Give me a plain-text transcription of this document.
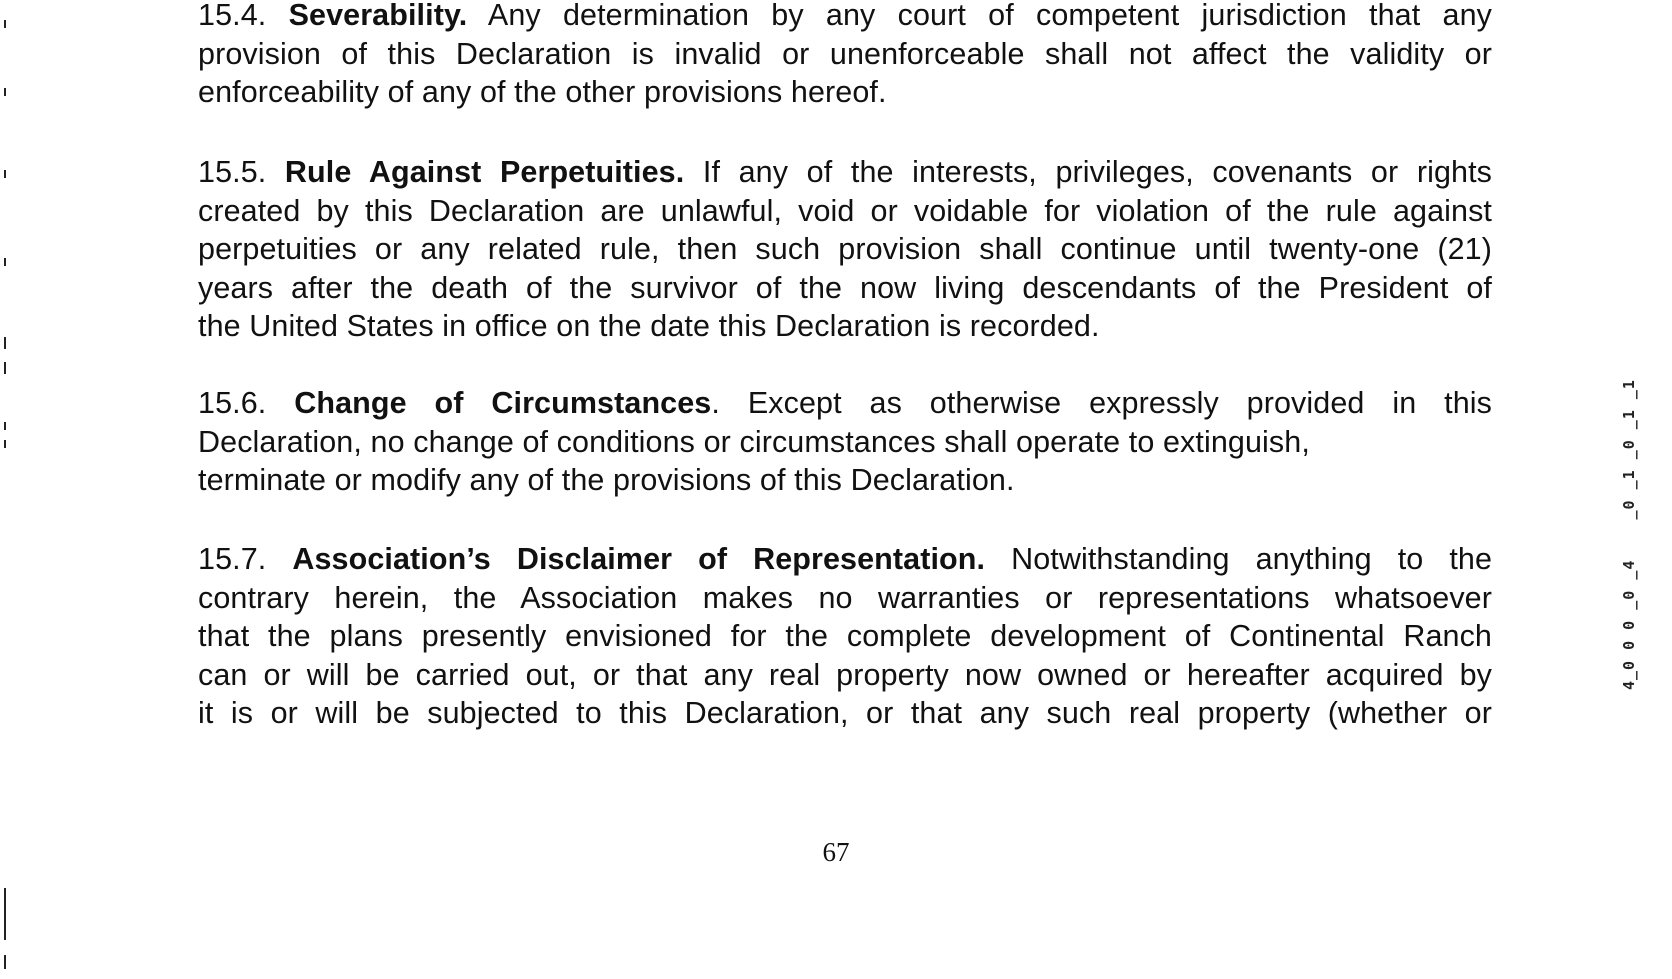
15.4. Severability. Any determination by any court of competent jurisdiction that any
provision of this Declaration is invalid or unenforceable shall not affect the validity or
enforceability of any of the other provisions hereof.
15.5. Rule Against Perpetuities. If any of the interests, privileges, covenants or rights
created by this Declaration are unlawful, void or voidable for violation of the rule against
perpetuities or any related rule, then such provision shall continue until twenty-one (21)
years after the death of the survivor of the now living descendants of the President of
the United States in office on the date this Declaration is recorded.
15.6. Change of Circumstances. Except as otherwise expressly provided in this
Declaration, no change of conditions or circumstances shall operate to extinguish,
terminate or modify any of the provisions of this Declaration.
15.7. Association’s Disclaimer of Representation. Notwithstanding anything to the
contrary herein, the Association makes no warranties or representations whatsoever
that the plans presently envisioned for the complete development of Continental Ranch
can or will be carried out, or that any real property now owned or hereafter acquired by
it is or will be subjected to this Declaration, or that any such real property (whether or
67
4_0 0 0 _0 _4    _0 _1 _0 _1 _1
